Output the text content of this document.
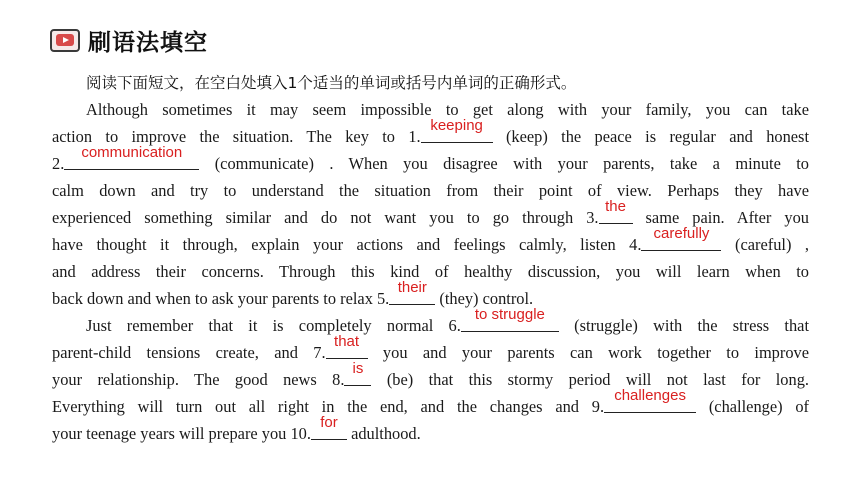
刷语法填空
阅读下面短文，在空白处填入1个适当的单词或括号内单词的正确形式。
Although sometimes it may seem impossible to get along with your family, you can take
action to improve the situation. The key to 1.
keeping
(keep) the peace is regular and honest
2.
communication
(communicate) . When you disagree with your parents, take a minute to
calm down and try to understand the situation from their point of view. Perhaps they have
experienced something similar and do not want you to go through 3.
the
same pain. After you
have thought it through, explain your actions and feelings calmly, listen 4.
carefully
(careful) ,
and address their concerns. Through this kind of healthy discussion, you will learn when to
back down and when to ask your parents to relax 5.
their
(they) control.
Just remember that it is completely normal 6.
to struggle
(struggle) with the stress that
parent-child tensions create, and 7.
that
you and your parents can work together to improve
your relationship. The good news 8.
is
(be) that this stormy period will not last for long.
Everything will turn out all right in the end, and the changes and 9.
challenges
(challenge) of
your teenage years will prepare you 10.
for
adulthood.
